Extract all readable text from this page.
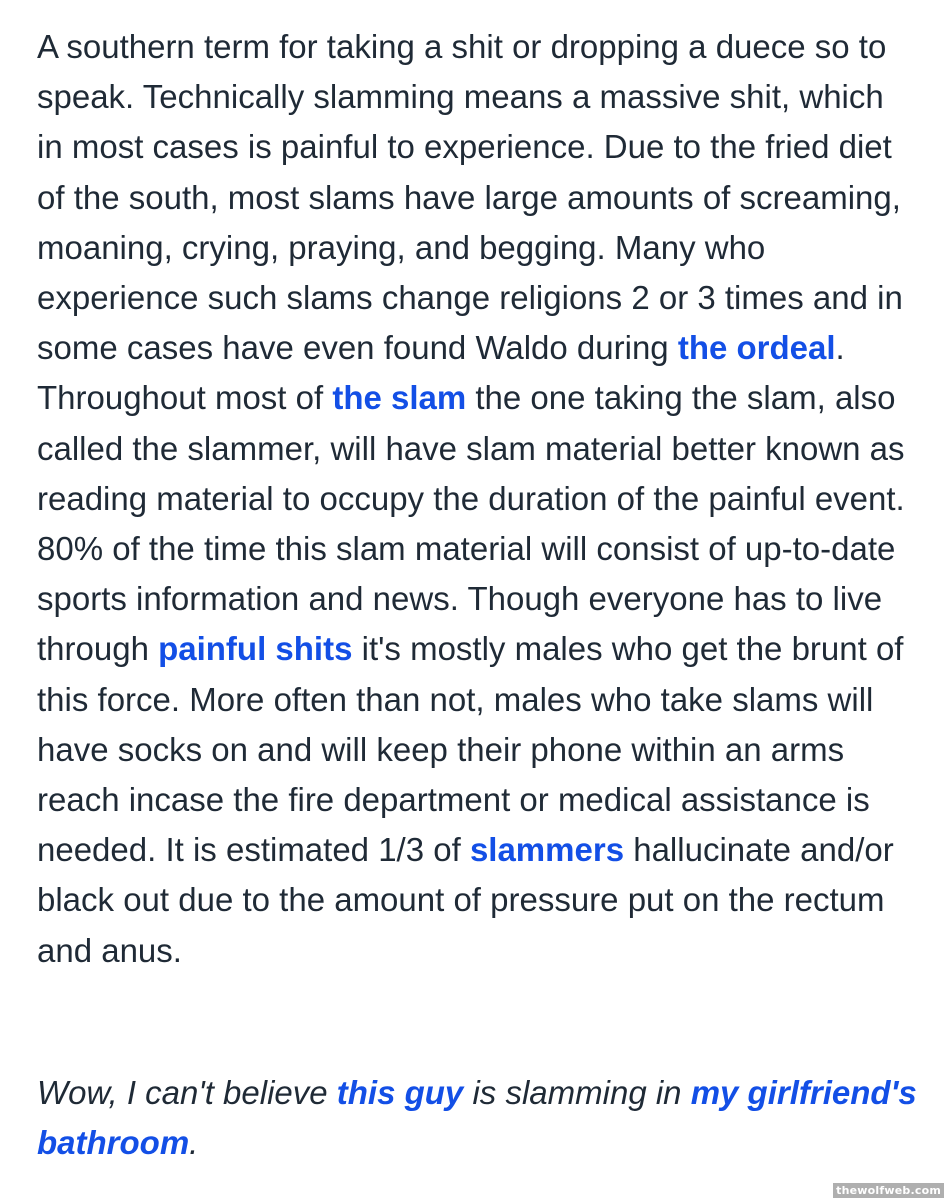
A southern term for taking a shit or dropping a duece so to speak. Technically slamming means a massive shit, which in most cases is painful to experience. Due to the fried diet of the south, most slams have large amounts of screaming, moaning, crying, praying, and begging. Many who experience such slams change religions 2 or 3 times and in some cases have even found Waldo during the ordeal. Throughout most of the slam the one taking the slam, also called the slammer, will have slam material better known as reading material to occupy the duration of the painful event. 80% of the time this slam material will consist of up-to-date sports information and news. Though everyone has to live through painful shits it's mostly males who get the brunt of this force. More often than not, males who take slams will have socks on and will keep their phone within an arms reach incase the fire department or medical assistance is needed. It is estimated 1/3 of slammers hallucinate and/or black out due to the amount of pressure put on the rectum and anus.

Wow, I can't believe this guy is slamming in my girlfriend's bathroom.

thewolfweb.com
